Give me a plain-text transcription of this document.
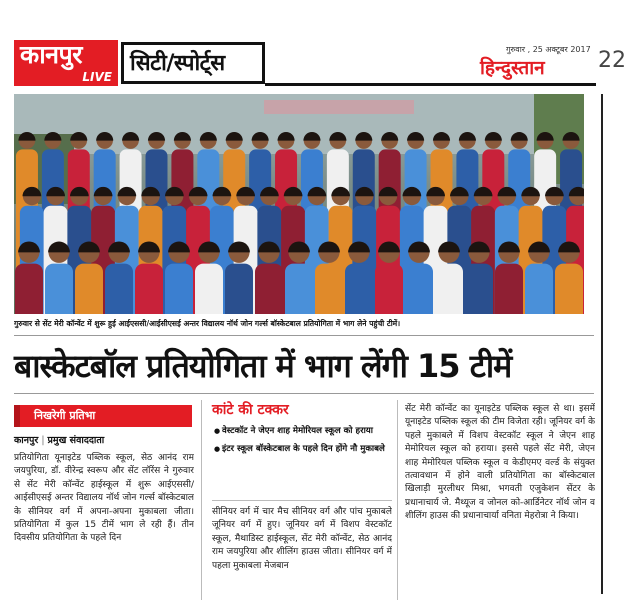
कानपुर
LIVE
सिटी/स्पोर्ट्स
गुरुवार , 25 अक्टूबर 2017
हिन्दुस्तान 22
गुरुवार से सेंट मेरी कॉन्वेंट में शुरू हुई आईएससी/आईसीएसई अन्तर विद्यालय नॉर्थ जोन गर्ल्स बॉस्केटबाल प्रतियोगिता में भाग लेने पहुंची टीमें।
बास्केटबॉल प्रतियोगिता में भाग लेंगी 15 टीमें
निखरेगी प्रतिभा
कानपुर | प्रमुख संवाददाता
प्रतियोगिता यूनाइटेड पब्लिक स्कूल, सेठ आनंद राम जयपुरिया, डॉ. वीरेन्द्र स्वरूप और सेंट लॉरेंस ने गुरुवार से सेंट मेरी कॉन्वेंट हाईस्कूल में शुरू आईएससी/आईसीएसई अन्तर विद्यालय नॉर्थ जोन गर्ल्स बॉस्केटबाल के सीनियर वर्ग में अपना-अपना मुकाबला जीता। प्रतियोगिता में कुल 15 टीमें भाग ले रही हैं। तीन दिवसीय प्रतियोगिता के पहले दिन
कांटे की टक्कर
● वेस्टकॉट ने जेएन शाह मेमोरियल स्कूल को हराया
● इंटर स्कूल बॉस्केटबाल के पहले दिन होंगे नौ मुकाबले
सीनियर वर्ग में चार मैच सीनियर वर्ग और पांच मुकाबले जूनियर वर्ग में हुए। जूनियर वर्ग में विशप वेस्टकॉट स्कूल, मैथाडिस्ट हाईस्कूल, सेंट मेरी कॉन्वेंट, सेठ आनंद राम जयपुरिया और शीलिंग हाउस जीता। सीनियर वर्ग में पहला मुकाबला मेजबान
सेंट मेरी कॉन्वेंट का यूनाइटेड पब्लिक स्कूल से था। इसमें यूनाइटेड पब्लिक स्कूल की टीम विजेता रही। जूनियर वर्ग के पहले मुकाबले में विशप वेस्टकॉट स्कूल ने जेएन शाह मेमोरियल स्कूल को हराया। इससे पहले सेंट मेरी, जेएन शाह मेमोरियल पब्लिक स्कूल व केडीएमए वर्ल्ड के संयुक्त तत्वावधान में होने वाली प्रतियोगिता का बॉस्केटबाल खिलाड़ी मुरलीधर मिश्रा, भगवती एजुकेशन सेंटर के प्रधानाचार्य जे. मैथ्यूज व जोनल को-आर्डिनेटर नॉर्थ जोन व शीलिंग हाउस की प्रधानाचार्या वनिता मेहरोत्रा ने किया।
